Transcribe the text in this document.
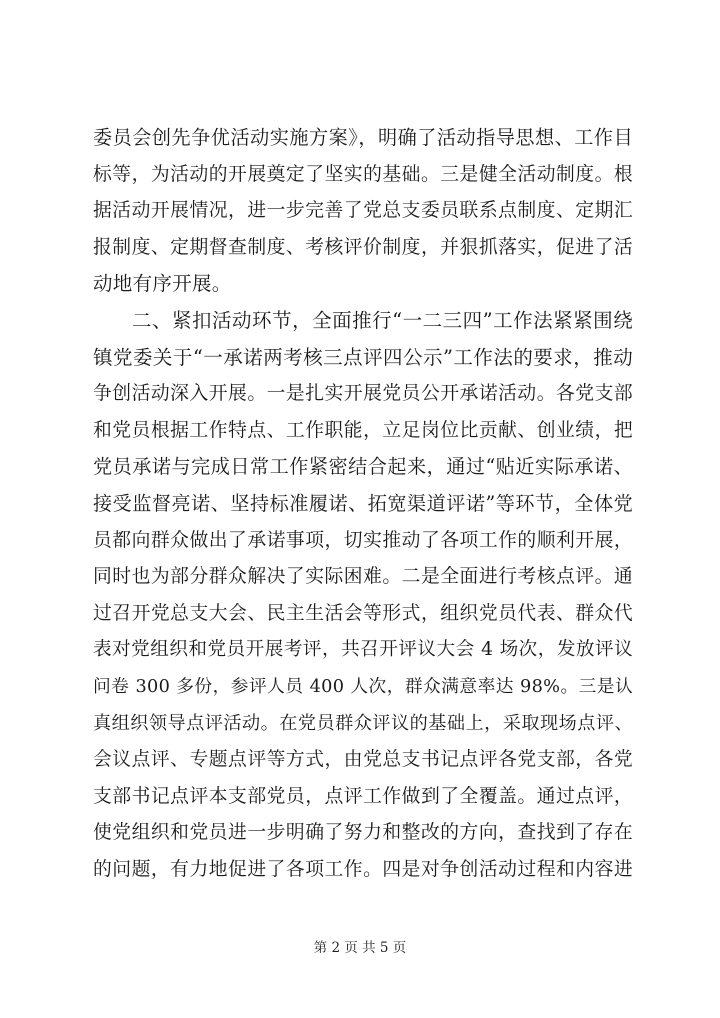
委员会创先争优活动实施方案》，明确了活动指导思想、工作目
标等，为活动的开展奠定了坚实的基础。三是健全活动制度。根
据活动开展情况，进一步完善了党总支委员联系点制度、定期汇
报制度、定期督查制度、考核评价制度，并狠抓落实，促进了活
动地有序开展。
二、紧扣活动环节，全面推行“一二三四”工作法紧紧围绕
镇党委关于“一承诺两考核三点评四公示”工作法的要求，推动
争创活动深入开展。一是扎实开展党员公开承诺活动。各党支部
和党员根据工作特点、工作职能，立足岗位比贡献、创业绩，把
党员承诺与完成日常工作紧密结合起来，通过“贴近实际承诺、
接受监督亮诺、坚持标准履诺、拓宽渠道评诺”等环节，全体党
员都向群众做出了承诺事项，切实推动了各项工作的顺利开展，
同时也为部分群众解决了实际困难。二是全面进行考核点评。通
过召开党总支大会、民主生活会等形式，组织党员代表、群众代
表对党组织和党员开展考评，共召开评议大会 4 场次，发放评议
问卷 300 多份，参评人员 400 人次，群众满意率达 98%。三是认
真组织领导点评活动。在党员群众评议的基础上，采取现场点评、
会议点评、专题点评等方式，由党总支书记点评各党支部，各党
支部书记点评本支部党员，点评工作做到了全覆盖。通过点评，
使党组织和党员进一步明确了努力和整改的方向，查找到了存在
的问题，有力地促进了各项工作。四是对争创活动过程和内容进
第 2 页 共 5 页
